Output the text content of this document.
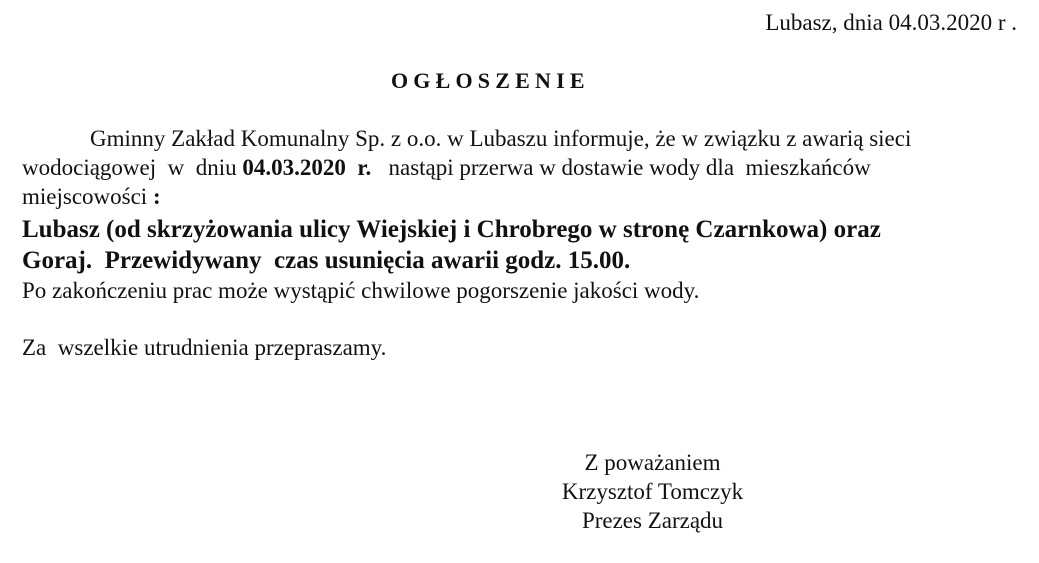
Lubasz, dnia 04.03.2020 r .
OGŁOSZENIE
Gminny Zakład Komunalny Sp. z o.o. w Lubaszu informuje, że w związku z awarią sieci
wodociągowej  w  dniu 04.03.2020  r.   nastąpi przerwa w dostawie wody dla  mieszkańców
miejscowości :
Lubasz (od skrzyżowania ulicy Wiejskiej i Chrobrego w stronę Czarnkowa) oraz
Goraj.  Przewidywany  czas usunięcia awarii godz. 15.00.
Po zakończeniu prac może wystąpić chwilowe pogorszenie jakości wody.
Za  wszelkie utrudnienia przepraszamy.
Z poważaniem
Krzysztof Tomczyk
Prezes Zarządu
